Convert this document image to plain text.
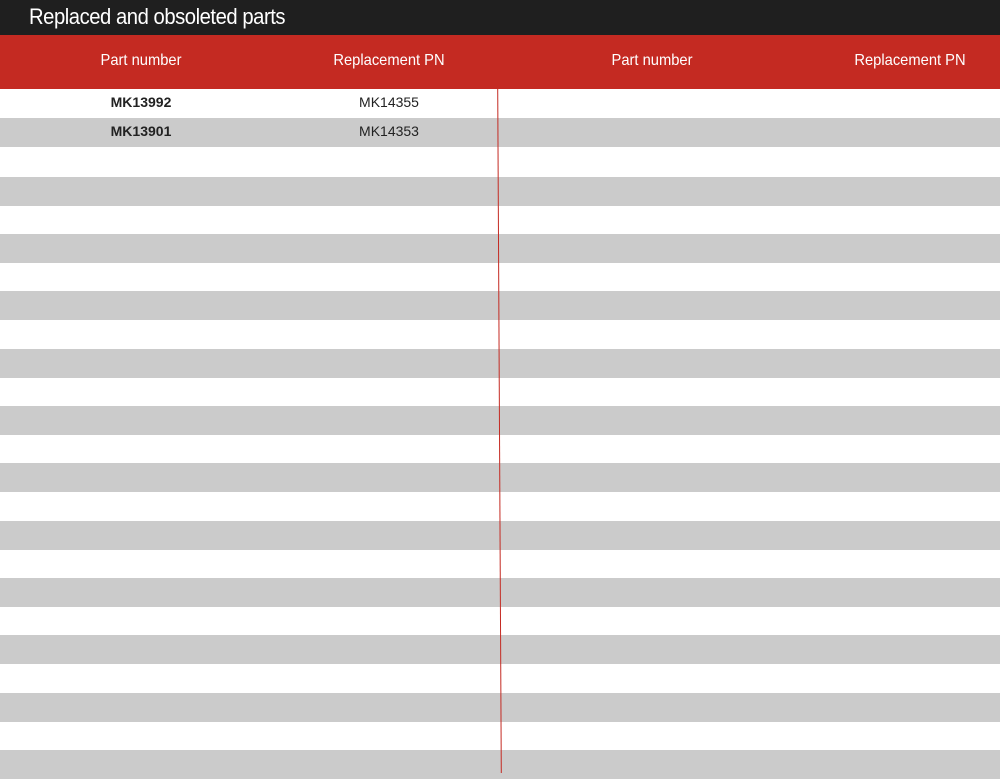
Replaced and obsoleted parts
Part number	Replacement PN	Part number	Replacement PN
MK13992	MK14355
MK13901	MK14353
